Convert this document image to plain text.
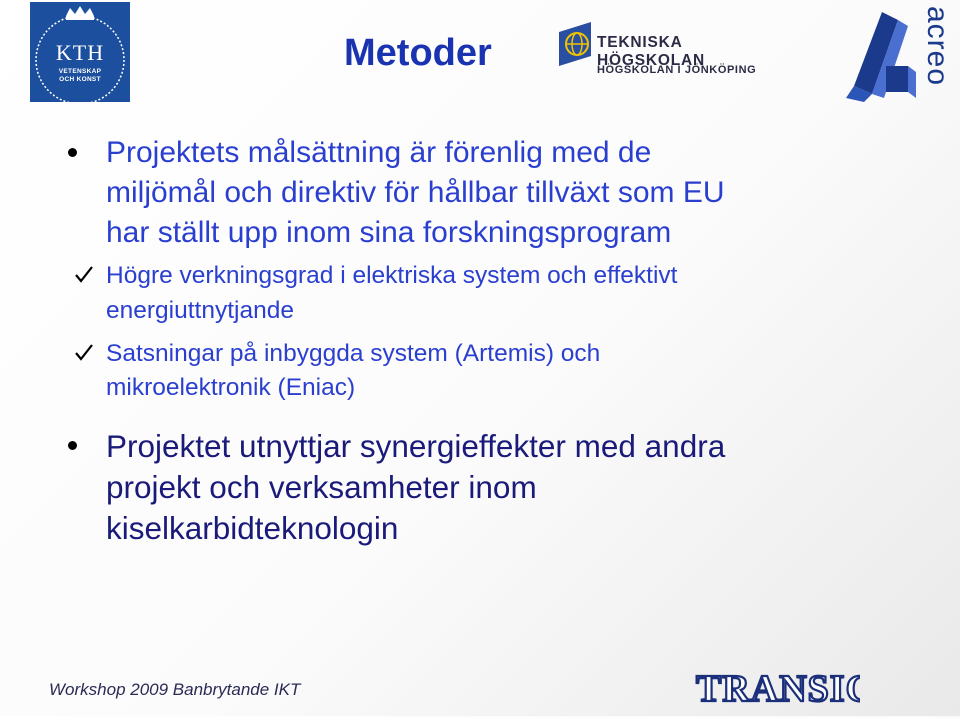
KTH
VETENSKAP
OCH KONST
Metoder	TEKNISKA HÖGSKOLAN
HÖGSKOLAN I JÖNKÖPING	acreo
Projektets målsättning är förenlig med de
miljömål och direktiv för hållbar tillväxt som EU
har ställt upp inom sina forskningsprogram
Högre verkningsgrad i elektriska system och effektivt
energiuttnytjande
Satsningar på inbyggda system (Artemis) och
mikroelektronik (Eniac)
Projektet utnyttjar synergieffekter med andra
projekt och verksamheter inom
kiselkarbidteknologin
Workshop 2009 Banbrytande IKT	TRANSIC
